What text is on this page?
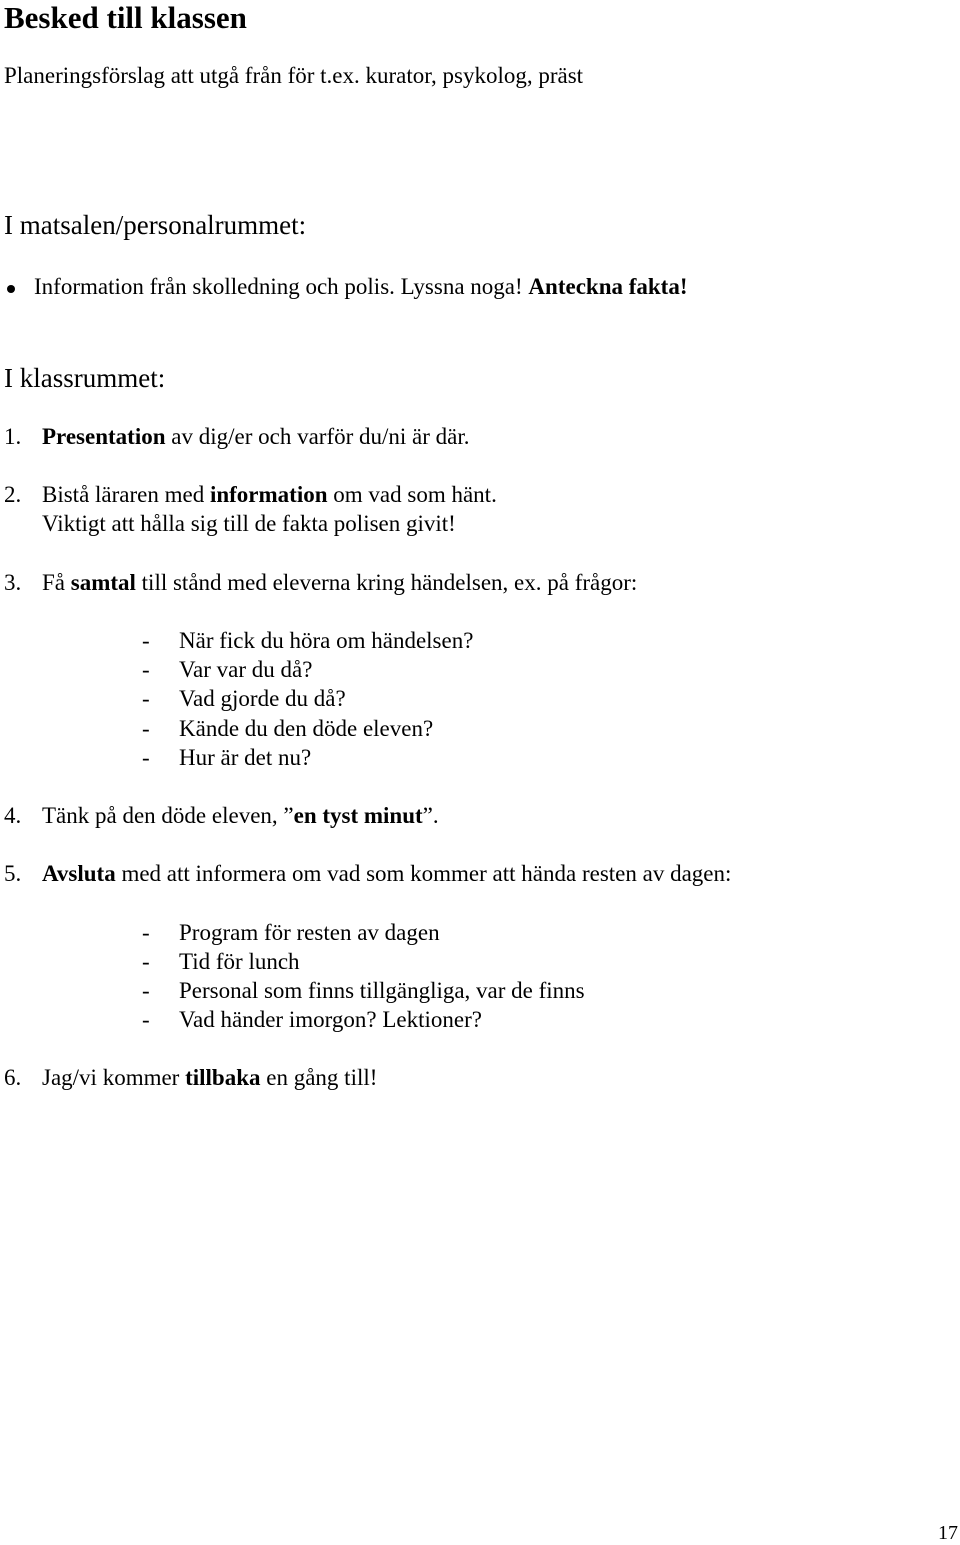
Besked till klassen
Planeringsförslag att utgå från för t.ex. kurator, psykolog, präst
I matsalen/personalrummet:
Information från skolledning och polis. Lyssna noga! Anteckna fakta!
I klassrummet:
1. Presentation av dig/er och varför du/ni är där.
2. Bistå läraren med information om vad som hänt.
Viktigt att hålla sig till de fakta polisen givit!
3. Få samtal till stånd med eleverna kring händelsen, ex. på frågor:
- När fick du höra om händelsen?
- Var var du då?
- Vad gjorde du då?
- Kände du den döde eleven?
- Hur är det nu?
4. Tänk på den döde eleven, ”en tyst minut”.
5. Avsluta med att informera om vad som kommer att hända resten av dagen:
- Program för resten av dagen
- Tid för lunch
- Personal som finns tillgängliga, var de finns
- Vad händer imorgon? Lektioner?
6. Jag/vi kommer tillbaka en gång till!
17
